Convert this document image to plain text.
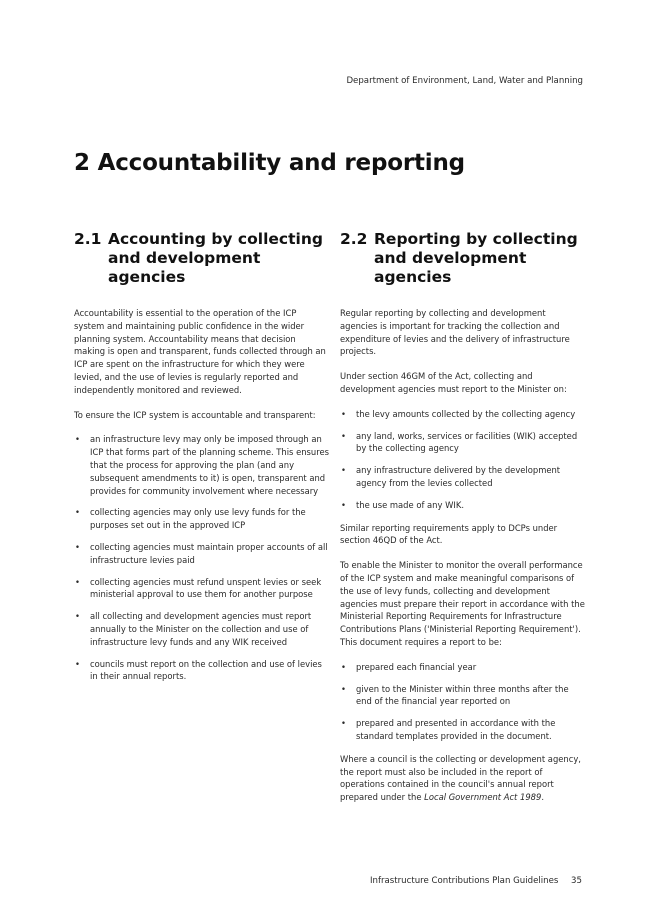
Department of Environment, Land, Water and Planning
2 Accountability and reporting
2.1 Accounting by collecting and development agencies

Accountability is essential to the operation of the ICP system and maintaining public confidence in the wider planning system. Accountability means that decision making is open and transparent, funds collected through an ICP are spent on the infrastructure for which they were levied, and the use of levies is regularly reported and independently monitored and reviewed.

To ensure the ICP system is accountable and transparent:

• an infrastructure levy may only be imposed through an ICP that forms part of the planning scheme. This ensures that the process for approving the plan (and any subsequent amendments to it) is open, transparent and provides for community involvement where necessary
• collecting agencies may only use levy funds for the purposes set out in the approved ICP
• collecting agencies must maintain proper accounts of all infrastructure levies paid
• collecting agencies must refund unspent levies or seek ministerial approval to use them for another purpose
• all collecting and development agencies must report annually to the Minister on the collection and use of infrastructure levy funds and any WIK received
• councils must report on the collection and use of levies in their annual reports.
2.2 Reporting by collecting and development agencies

Regular reporting by collecting and development agencies is important for tracking the collection and expenditure of levies and the delivery of infrastructure projects.

Under section 46GM of the Act, collecting and development agencies must report to the Minister on:

• the levy amounts collected by the collecting agency
• any land, works, services or facilities (WIK) accepted by the collecting agency
• any infrastructure delivered by the development agency from the levies collected
• the use made of any WIK.

Similar reporting requirements apply to DCPs under section 46QD of the Act.

To enable the Minister to monitor the overall performance of the ICP system and make meaningful comparisons of the use of levy funds, collecting and development agencies must prepare their report in accordance with the Ministerial Reporting Requirements for Infrastructure Contributions Plans ('Ministerial Reporting Requirement'). This document requires a report to be:

• prepared each financial year
• given to the Minister within three months after the end of the financial year reported on
• prepared and presented in accordance with the standard templates provided in the document.

Where a council is the collecting or development agency, the report must also be included in the report of operations contained in the council's annual report prepared under the Local Government Act 1989.

Infrastructure Contributions Plan Guidelines 35
